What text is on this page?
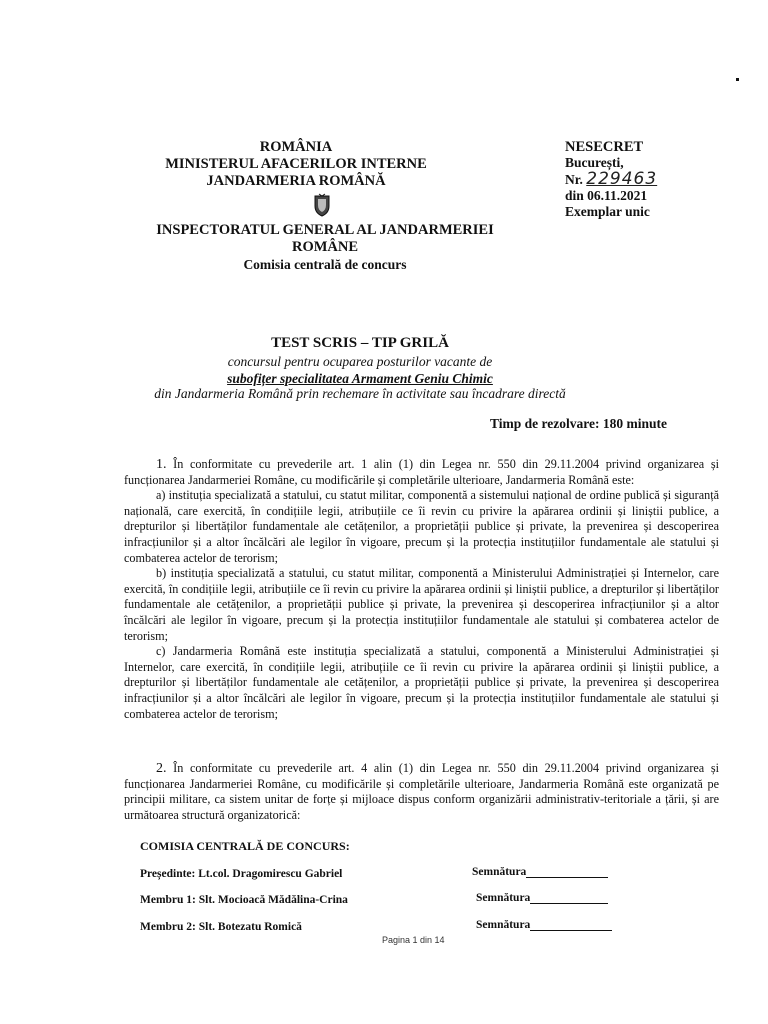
ROMÂNIA
MINISTERUL AFACERILOR INTERNE
JANDARMERIA ROMÂNĂ
INSPECTORATUL GENERAL AL JANDARMERIEI
ROMÂNE
Comisia centrală de concurs
NESECRET
București,
Nr. 229463
din 06.11.2021
Exemplar unic
TEST SCRIS – TIP GRILĂ
concursul pentru ocuparea posturilor vacante de
subofițer specialitatea Armament Geniu Chimic
din Jandarmeria Română prin rechemare în activitate sau încadrare directă
Timp de rezolvare: 180 minute

1. În conformitate cu prevederile art. 1 alin (1) din Legea nr. 550 din 29.11.2004 privind organizarea și funcționarea Jandarmeriei Române, cu modificările și completările ulterioare, Jandarmeria Română este:

a) instituția specializată a statului, cu statut militar, componentă a sistemului național de ordine publică și siguranță națională, care exercită, în condițiile legii, atribuțiile ce îi revin cu privire la apărarea ordinii și liniștii publice, a drepturilor și libertăților fundamentale ale cetățenilor, a proprietății publice și private, la prevenirea și descoperirea infracțiunilor și a altor încălcări ale legilor în vigoare, precum și la protecția instituțiilor fundamentale ale statului și combaterea actelor de terorism;

b) instituția specializată a statului, cu statut militar, componentă a Ministerului Administrației și Internelor, care exercită, în condițiile legii, atribuțiile ce îi revin cu privire la apărarea ordinii și liniștii publice, a drepturilor și libertăților fundamentale ale cetățenilor, a proprietății publice și private, la prevenirea și descoperirea infracțiunilor și a altor încălcări ale legilor în vigoare, precum și la protecția instituțiilor fundamentale ale statului și combaterea actelor de terorism;

c) Jandarmeria Română este instituția specializată a statului, componentă a Ministerului Administrației și Internelor, care exercită, în condițiile legii, atribuțiile ce îi revin cu privire la apărarea ordinii și liniștii publice, a drepturilor și libertăților fundamentale ale cetățenilor, a proprietății publice și private, la prevenirea și descoperirea infracțiunilor și a altor încălcări ale legilor în vigoare, precum și la protecția instituțiilor fundamentale ale statului și combaterea actelor de terorism;

2. În conformitate cu prevederile art. 4 alin (1) din Legea nr. 550 din 29.11.2004 privind organizarea și funcționarea Jandarmeriei Române, cu modificările și completările ulterioare, Jandarmeria Română este organizată pe principii militare, ca sistem unitar de forțe și mijloace dispus conform organizării administrativ-teritoriale a țării, și are următoarea structură organizatorică:

COMISIA CENTRALĂ DE CONCURS:
Președinte: Lt.col. Dragomirescu Gabriel	Semnătura
Membru 1: Slt. Mocioacă Mădălina-Crina	Semnătura
Membru 2: Slt. Botezatu Romică	Semnătura
Pagina 1 din 14
